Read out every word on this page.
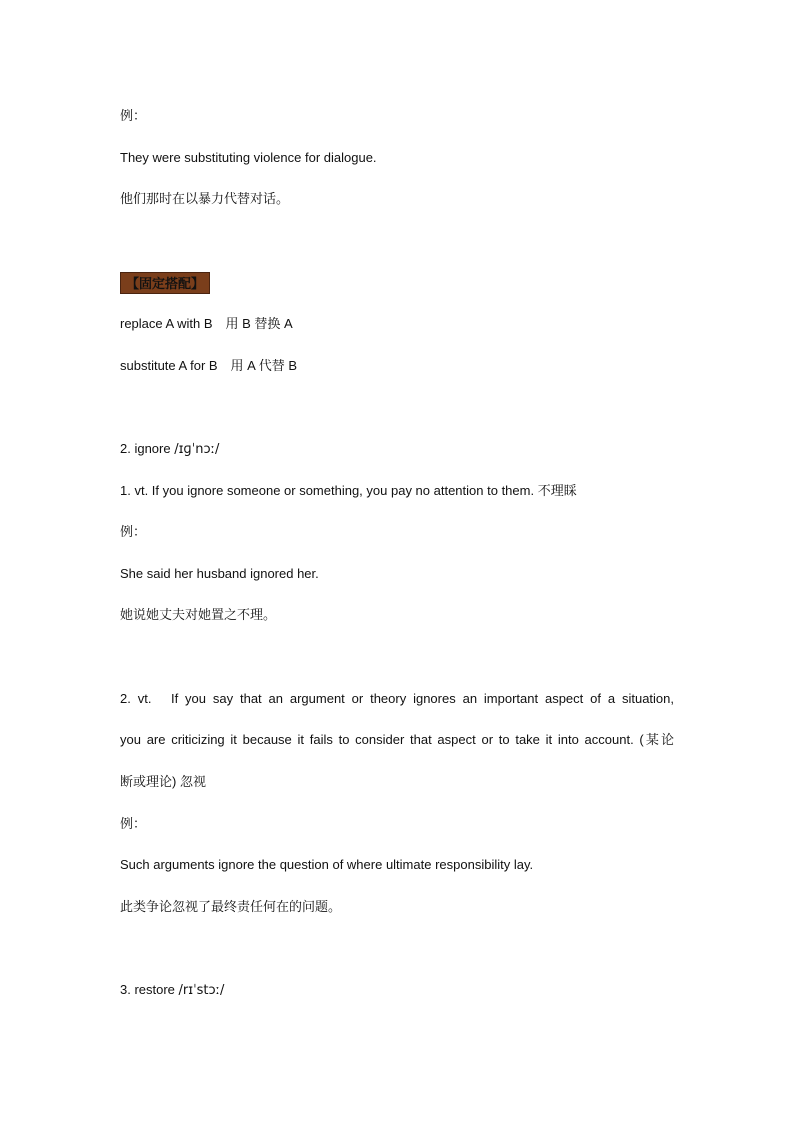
例：
They were substituting violence for dialogue.
他们那时在以暴力代替对话。
【固定搭配】
replace A with B　用 B 替换 A
substitute A for B　用 A 代替 B
2. ignore /ɪɡˈnɔː/
1. vt. If you ignore someone or something, you pay no attention to them. 不理睬
例：
She said her husband ignored her.
她说她丈夫对她置之不理。
2. vt.　If you say that an argument or theory ignores an important aspect of a situation,
you are criticizing it because it fails to consider that aspect or to take it into account. (某论
断或理论) 忽视
例：
Such arguments ignore the question of where ultimate responsibility lay.
此类争论忽视了最终责任何在的问题。
3. restore /rɪˈstɔː/
